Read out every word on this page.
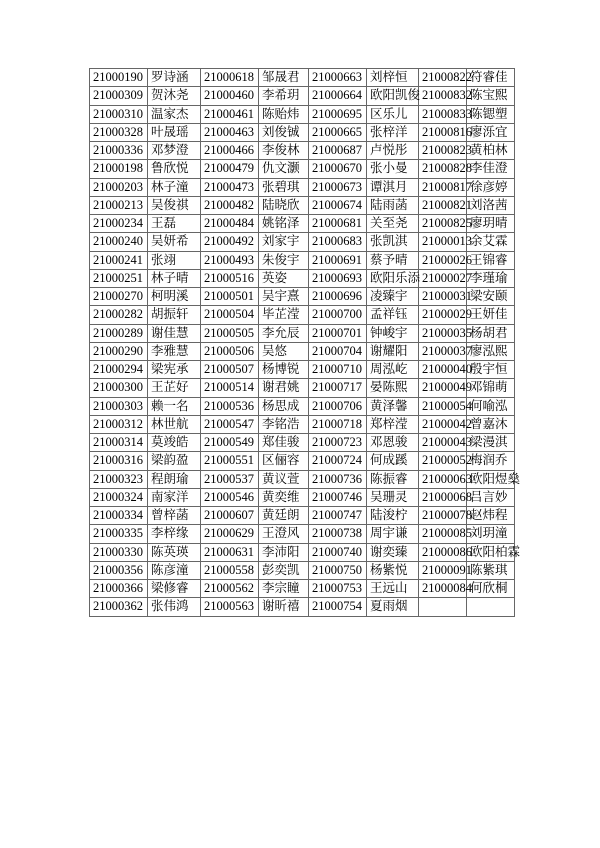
21000190	罗诗涵	21000618	邹晟君	21000663	刘梓恒	21000822	符睿佳
21000309	贺沐尧	21000460	李希玥	21000664	欧阳凯俊	21000832	陈宝熙
21000310	温家杰	21000461	陈贻炜	21000695	区乐儿	21000833	陈锶塑
21000328	叶晟瑶	21000463	刘俊铖	21000665	张梓洋	21000816	廖泺宜
21000336	邓梦澄	21000466	李俊林	21000687	卢悦彤	21000823	黄柏林
21000198	鲁欣悦	21000479	仇文灏	21000670	张小曼	21000828	李佳澄
21000203	林子潼	21000473	张碧琪	21000673	谭淇月	21000817	徐彦婷
21000213	吴俊祺	21000482	陆晓欣	21000674	陆雨菡	21000821	刘洛茜
21000234	王磊	21000484	姚铭泽	21000681	关至尧	21000825	廖玥晴
21000240	吴妍希	21000492	刘家宇	21000683	张凯淇	21000013	余艾霖
21000241	张翊	21000493	朱俊宇	21000691	蔡予晴	21000026	王锦睿
21000251	林子晴	21000516	英姿	21000693	欧阳乐添	21000027	李瑾瑜
21000270	柯明溪	21000501	吴宇熹	21000696	凌臻宇	21000031	梁安颐
21000282	胡振轩	21000504	毕芷滢	21000700	孟祥钰	21000029	王妍佳
21000289	谢佳慧	21000505	李允辰	21000701	钟峻宇	21000035	杨胡君
21000290	李雅慧	21000506	吴悠	21000704	谢耀阳	21000037	廖泓熙
21000294	梁宪承	21000507	杨博锐	21000710	周泓屹	21000040	殷宇恒
21000300	王芷好	21000514	谢君姚	21000717	晏陈熙	21000049	邓锦萌
21000303	赖一名	21000536	杨思成	21000706	黄泽馨	21000054	何喻泓
21000312	林世航	21000547	李铭浩	21000718	郑梓滢	21000042	曾嘉沐
21000314	莫竣皓	21000549	郑佳骏	21000723	邓恩骏	21000043	梁漫淇
21000316	梁韵盈	21000551	区俪容	21000724	何成蹊	21000052	梅润乔
21000323	程朗瑜	21000537	黄议萱	21000736	陈振睿	21000063	欧阳煜燊
21000324	南家洋	21000546	黄奕维	21000746	吴珊灵	21000068	吕言妙
21000334	曾梓菡	21000607	黄廷朗	21000747	陆浚柠	21000078	赵炜程
21000335	李梓缘	21000629	王澄风	21000738	周宇谦	21000085	刘玥潼
21000330	陈英瑛	21000631	李沛阳	21000740	谢奕臻	21000086	欧阳柏霖
21000356	陈彦潼	21000558	彭奕凯	21000750	杨紫悦	21000091	陈紫琪
21000366	梁修睿	21000562	李宗瞳	21000753	王远山	21000084	何欣桐
21000362	张伟鸿	21000563	谢昕禧	21000754	夏雨烟		
